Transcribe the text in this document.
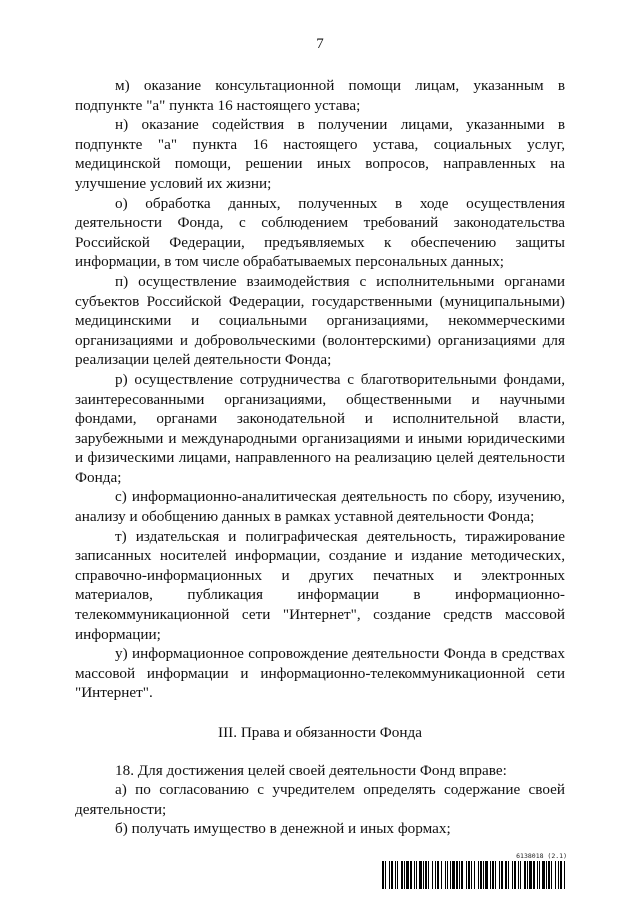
7

м) оказание консультационной помощи лицам, указанным в подпункте "а" пункта 16 настоящего устава;

н) оказание содействия в получении лицами, указанными в подпункте "а" пункта 16 настоящего устава, социальных услуг, медицинской помощи, решении иных вопросов, направленных на улучшение условий их жизни;

о) обработка данных, полученных в ходе осуществления деятельности Фонда, с соблюдением требований законодательства Российской Федерации, предъявляемых к обеспечению защиты информации, в том числе обрабатываемых персональных данных;

п) осуществление взаимодействия с исполнительными органами субъектов Российской Федерации, государственными (муниципальными) медицинскими и социальными организациями, некоммерческими организациями и добровольческими (волонтерскими) организациями для реализации целей деятельности Фонда;

р) осуществление сотрудничества с благотворительными фондами, заинтересованными организациями, общественными и научными фондами, органами законодательной и исполнительной власти, зарубежными и международными организациями и иными юридическими и физическими лицами, направленного на реализацию целей деятельности Фонда;

с) информационно-аналитическая деятельность по сбору, изучению, анализу и обобщению данных в рамках уставной деятельности Фонда;

т) издательская и полиграфическая деятельность, тиражирование записанных носителей информации, создание и издание методических, справочно-информационных и других печатных и электронных материалов, публикация информации в информационно-телекоммуникационной сети "Интернет", создание средств массовой информации;

у) информационное сопровождение деятельности Фонда в средствах массовой информации и информационно-телекоммуникационной сети "Интернет".

III. Права и обязанности Фонда

18. Для достижения целей своей деятельности Фонд вправе:

а) по согласованию с учредителем определять содержание своей деятельности;

б) получать имущество в денежной и иных формах;

6138018 (2.1)
